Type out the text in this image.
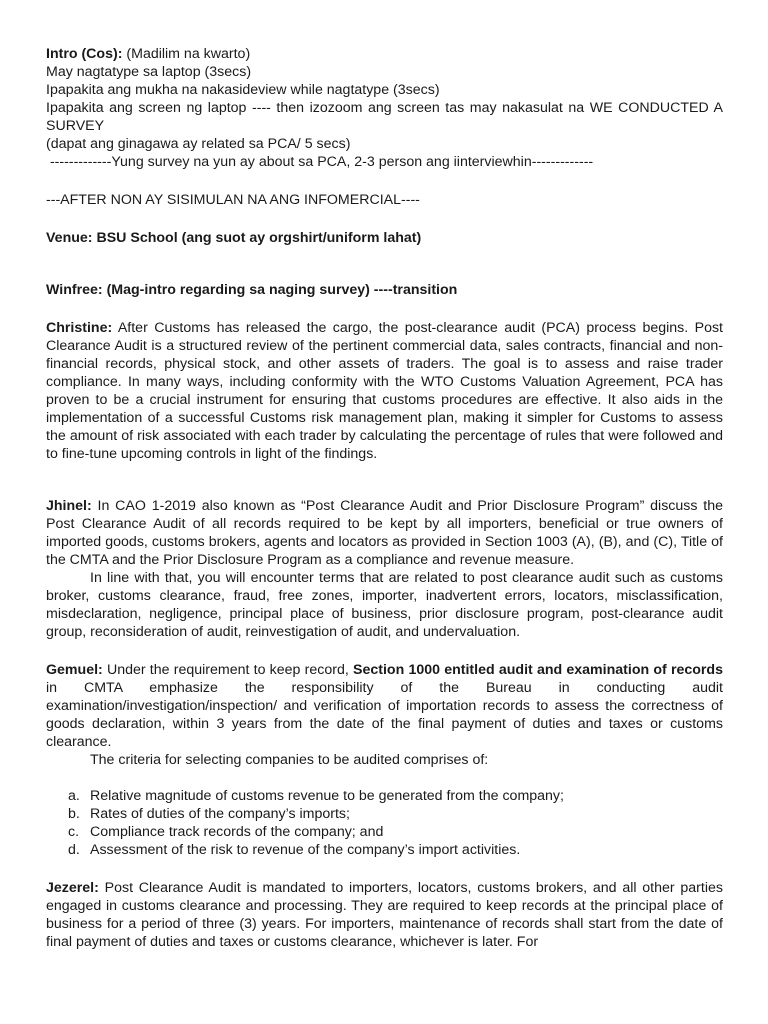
Intro (Cos): (Madilim na kwarto)
May nagtatype sa laptop (3secs)
Ipapakita ang mukha na nakasideview while nagtatype (3secs)
Ipapakita ang screen ng laptop ---- then izozoom ang screen tas may nakasulat na WE CONDUCTED A SURVEY
(dapat ang ginagawa ay related sa PCA/ 5 secs)
-------------Yung survey na yun ay about sa PCA, 2-3 person ang iinterviewhin-------------
---AFTER NON AY SISIMULAN NA ANG INFOMERCIAL----
Venue: BSU School (ang suot ay orgshirt/uniform lahat)
Winfree: (Mag-intro regarding sa naging survey) ----transition

Christine: After Customs has released the cargo, the post-clearance audit (PCA) process begins. Post Clearance Audit is a structured review of the pertinent commercial data, sales contracts, financial and non-financial records, physical stock, and other assets of traders. The goal is to assess and raise trader compliance. In many ways, including conformity with the WTO Customs Valuation Agreement, PCA has proven to be a crucial instrument for ensuring that customs procedures are effective. It also aids in the implementation of a successful Customs risk management plan, making it simpler for Customs to assess the amount of risk associated with each trader by calculating the percentage of rules that were followed and to fine-tune upcoming controls in light of the findings.

Jhinel: In CAO 1-2019 also known as “Post Clearance Audit and Prior Disclosure Program” discuss the Post Clearance Audit of all records required to be kept by all importers, beneficial or true owners of imported goods, customs brokers, agents and locators as provided in Section 1003 (A), (B), and (C), Title of the CMTA and the Prior Disclosure Program as a compliance and revenue measure.

In line with that, you will encounter terms that are related to post clearance audit such as customs broker, customs clearance, fraud, free zones, importer, inadvertent errors, locators, misclassification, misdeclaration, negligence, principal place of business, prior disclosure program, post-clearance audit group, reconsideration of audit, reinvestigation of audit, and undervaluation.

Gemuel: Under the requirement to keep record, Section 1000 entitled audit and examination of records in CMTA emphasize the responsibility of the Bureau in conducting audit examination/investigation/inspection/ and verification of importation records to assess the correctness of goods declaration, within 3 years from the date of the final payment of duties and taxes or customs clearance.

The criteria for selecting companies to be audited comprises of:

a. Relative magnitude of customs revenue to be generated from the company;
b. Rates of duties of the company’s imports;
c. Compliance track records of the company; and
d. Assessment of the risk to revenue of the company’s import activities.

Jezerel: Post Clearance Audit is mandated to importers, locators, customs brokers, and all other parties engaged in customs clearance and processing. They are required to keep records at the principal place of business for a period of three (3) years. For importers, maintenance of records shall start from the date of final payment of duties and taxes or customs clearance, whichever is later. For
